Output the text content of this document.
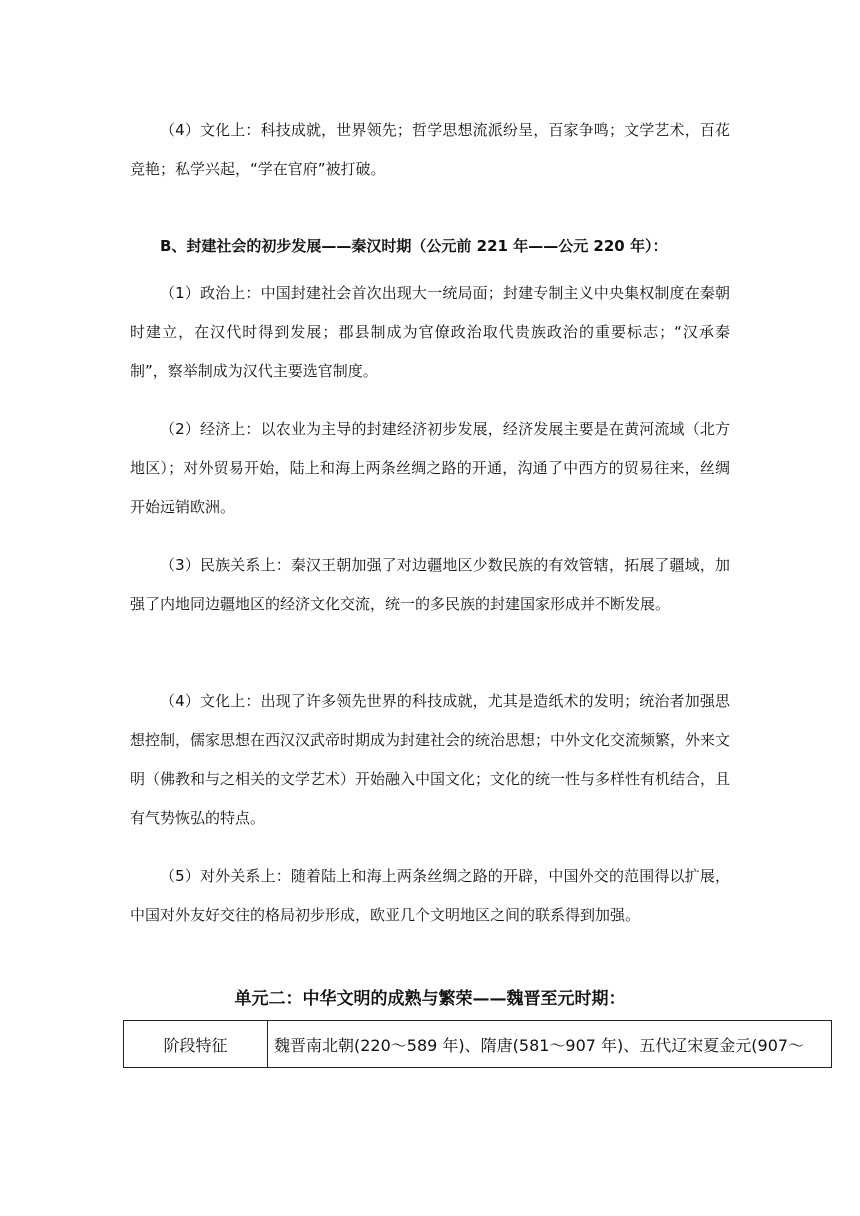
（4）文化上：科技成就，世界领先；哲学思想流派纷呈，百家争鸣；文学艺术，百花竞艳；私学兴起，“学在官府”被打破。

B、封建社会的初步发展——秦汉时期（公元前 221 年——公元 220 年）：

（1）政治上：中国封建社会首次出现大一统局面；封建专制主义中央集权制度在秦朝时建立，在汉代时得到发展；郡县制成为官僚政治取代贵族政治的重要标志；“汉承秦制”，察举制成为汉代主要选官制度。

（2）经济上：以农业为主导的封建经济初步发展，经济发展主要是在黄河流域（北方地区）；对外贸易开始，陆上和海上两条丝绸之路的开通，沟通了中西方的贸易往来，丝绸开始远销欧洲。

（3）民族关系上：秦汉王朝加强了对边疆地区少数民族的有效管辖，拓展了疆域，加强了内地同边疆地区的经济文化交流，统一的多民族的封建国家形成并不断发展。

（4）文化上：出现了许多领先世界的科技成就，尤其是造纸术的发明；统治者加强思想控制，儒家思想在西汉汉武帝时期成为封建社会的统治思想；中外文化交流频繁，外来文明（佛教和与之相关的文学艺术）开始融入中国文化；文化的统一性与多样性有机结合，且有气势恢弘的特点。

（5）对外关系上：随着陆上和海上两条丝绸之路的开辟，中国外交的范围得以扩展，中国对外友好交往的格局初步形成，欧亚几个文明地区之间的联系得到加强。

单元二：中华文明的成熟与繁荣——魏晋至元时期：

阶段特征	魏晋南北朝(220～589 年)、隋唐(581～907 年)、五代辽宋夏金元(907～
